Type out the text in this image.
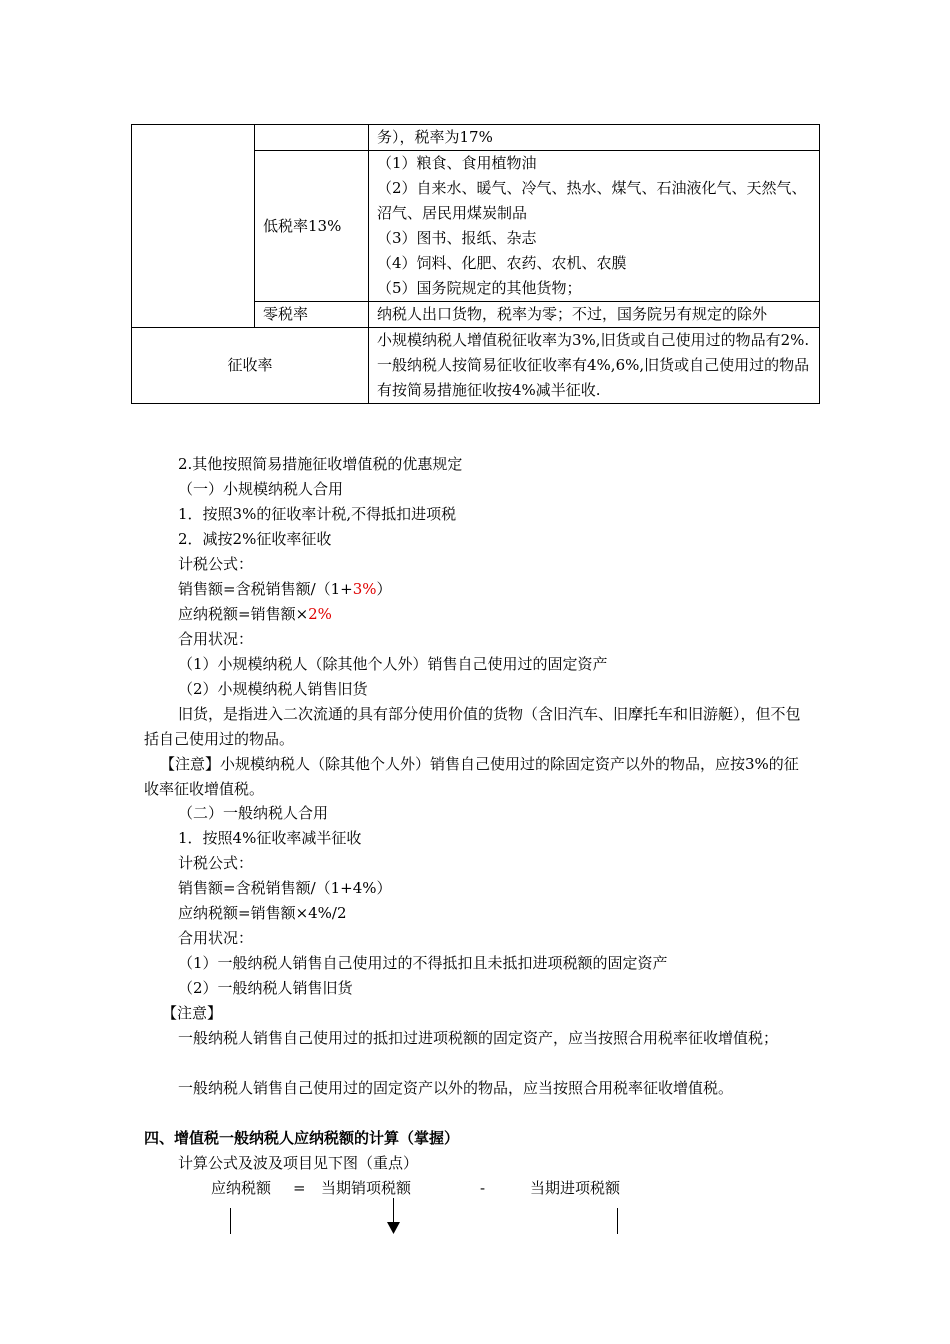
		务），税率为17%
	低税率13%	（1）粮食、食用植物油
（2）自来水、暖气、冷气、热水、煤气、石油液化气、天然气、沼气、居民用煤炭制品
（3）图书、报纸、杂志
（4）饲料、化肥、农药、农机、农膜
（5）国务院规定的其他货物；

	零税率	纳税人出口货物，税率为零；不过，国务院另有规定的除外
征收率		小规模纳税人增值税征收率为3%,旧货或自己使用过的物品有2%.一般纳税人按简易征收征收率有4%,6%,旧货或自己使用过的物品有按简易措施征收按4%减半征收.
2.其他按照简易措施征收增值税的优惠规定
（一）小规模纳税人合用
1．按照3%的征收率计税,不得抵扣进项税
2．减按2%征收率征收
计税公式：
销售额=含税销售额/（1+3%）
应纳税额=销售额×2%
合用状况：
（1）小规模纳税人（除其他个人外）销售自己使用过的固定资产
（2）小规模纳税人销售旧货
旧货，是指进入二次流通的具有部分使用价值的货物（含旧汽车、旧摩托车和旧游艇），但不包括自己使用过的物品。
【注意】小规模纳税人（除其他个人外）销售自己使用过的除固定资产以外的物品，应按3%的征收率征收增值税。
（二）一般纳税人合用
1．按照4%征收率减半征收
计税公式：
销售额=含税销售额/（1+4%）
应纳税额=销售额×4%/2
合用状况：
（1）一般纳税人销售自己使用过的不得抵扣且未抵扣进项税额的固定资产
（2）一般纳税人销售旧货
【注意】
一般纳税人销售自己使用过的抵扣过进项税额的固定资产，应当按照合用税率征收增值税；
一般纳税人销售自己使用过的固定资产以外的物品，应当按照合用税率征收增值税。
四、增值税一般纳税人应纳税额的计算（掌握）
计算公式及波及项目见下图（重点）
应纳税额 = 当期销项税额	-	当期进项税额
